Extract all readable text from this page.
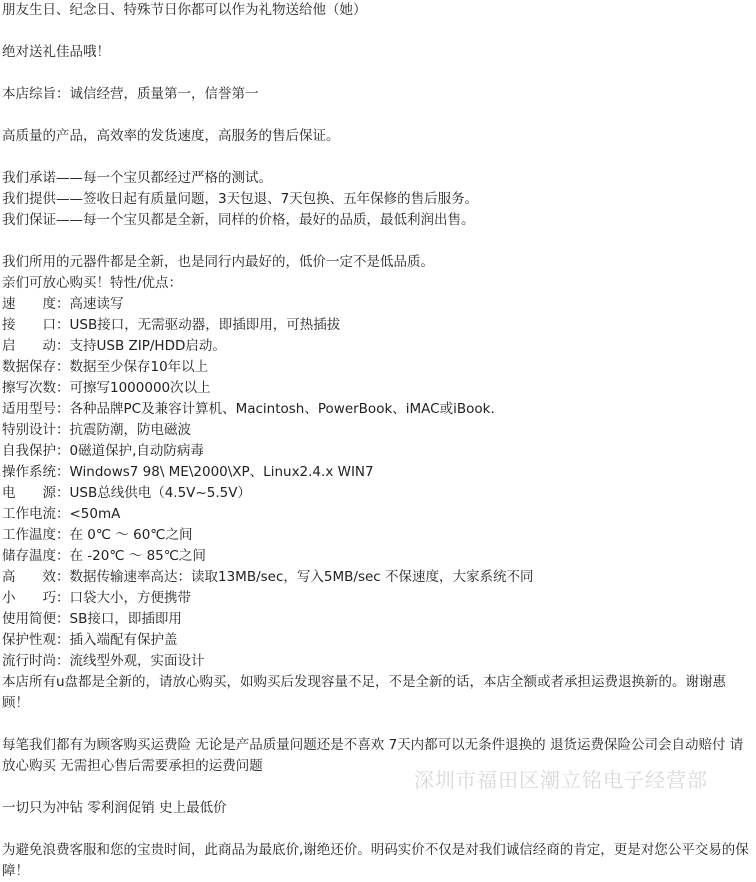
朋友生日、纪念日、特殊节日你都可以作为礼物送给他（她）
绝对送礼佳品哦！
本店综旨：诚信经营，质量第一，信誉第一
高质量的产品，高效率的发货速度，高服务的售后保证。
我们承诺——每一个宝贝都经过严格的测试。
我们提供——签收日起有质量问题，3天包退、7天包换、五年保修的售后服务。
我们保证——每一个宝贝都是全新，同样的价格，最好的品质，最低利润出售。
我们所用的元器件都是全新，也是同行内最好的，低价一定不是低品质。
亲们可放心购买！特性/优点：
速　　度：高速读写
接　　口：USB接口，无需驱动器，即插即用，可热插拔
启　　动：支持USB ZIP/HDD启动。
数据保存：数据至少保存10年以上
擦写次数：可擦写1000000次以上
适用型号：各种品牌PC及兼容计算机、Macintosh、PowerBook、iMAC或iBook.
特别设计：抗震防潮，防电磁波
自我保护：0磁道保护,自动防病毒
操作系统：Windows7 98\ ME\2000\XP、Linux2.4.x WIN7
电　　源：USB总线供电（4.5V~5.5V）
工作电流：<50mA
工作温度：在 0℃ ～ 60℃之间
储存温度：在 -20℃ ～ 85℃之间
高　　效：数据传输速率高达：读取13MB/sec，写入5MB/sec 不保速度，大家系统不同
小　　巧：口袋大小，方便携带
使用简便：SB接口，即插即用
保护性观：插入端配有保护盖
流行时尚：流线型外观，实面设计
本店所有u盘都是全新的，请放心购买，如购买后发现容量不足，不是全新的话，本店全额或者承担运费退换新的。谢谢惠顾！
每笔我们都有为顾客购买运费险 无论是产品质量问题还是不喜欢 7天内都可以无条件退换的 退货运费保险公司会自动赔付 请放心购买 无需担心售后需要承担的运费问题
一切只为冲钻 零利润促销 史上最低价
为避免浪费客服和您的宝贵时间，此商品为最底价,谢绝还价。明码实价不仅是对我们诚信经商的肯定，更是对您公平交易的保障！
深圳市福田区潮立铭电子经营部
